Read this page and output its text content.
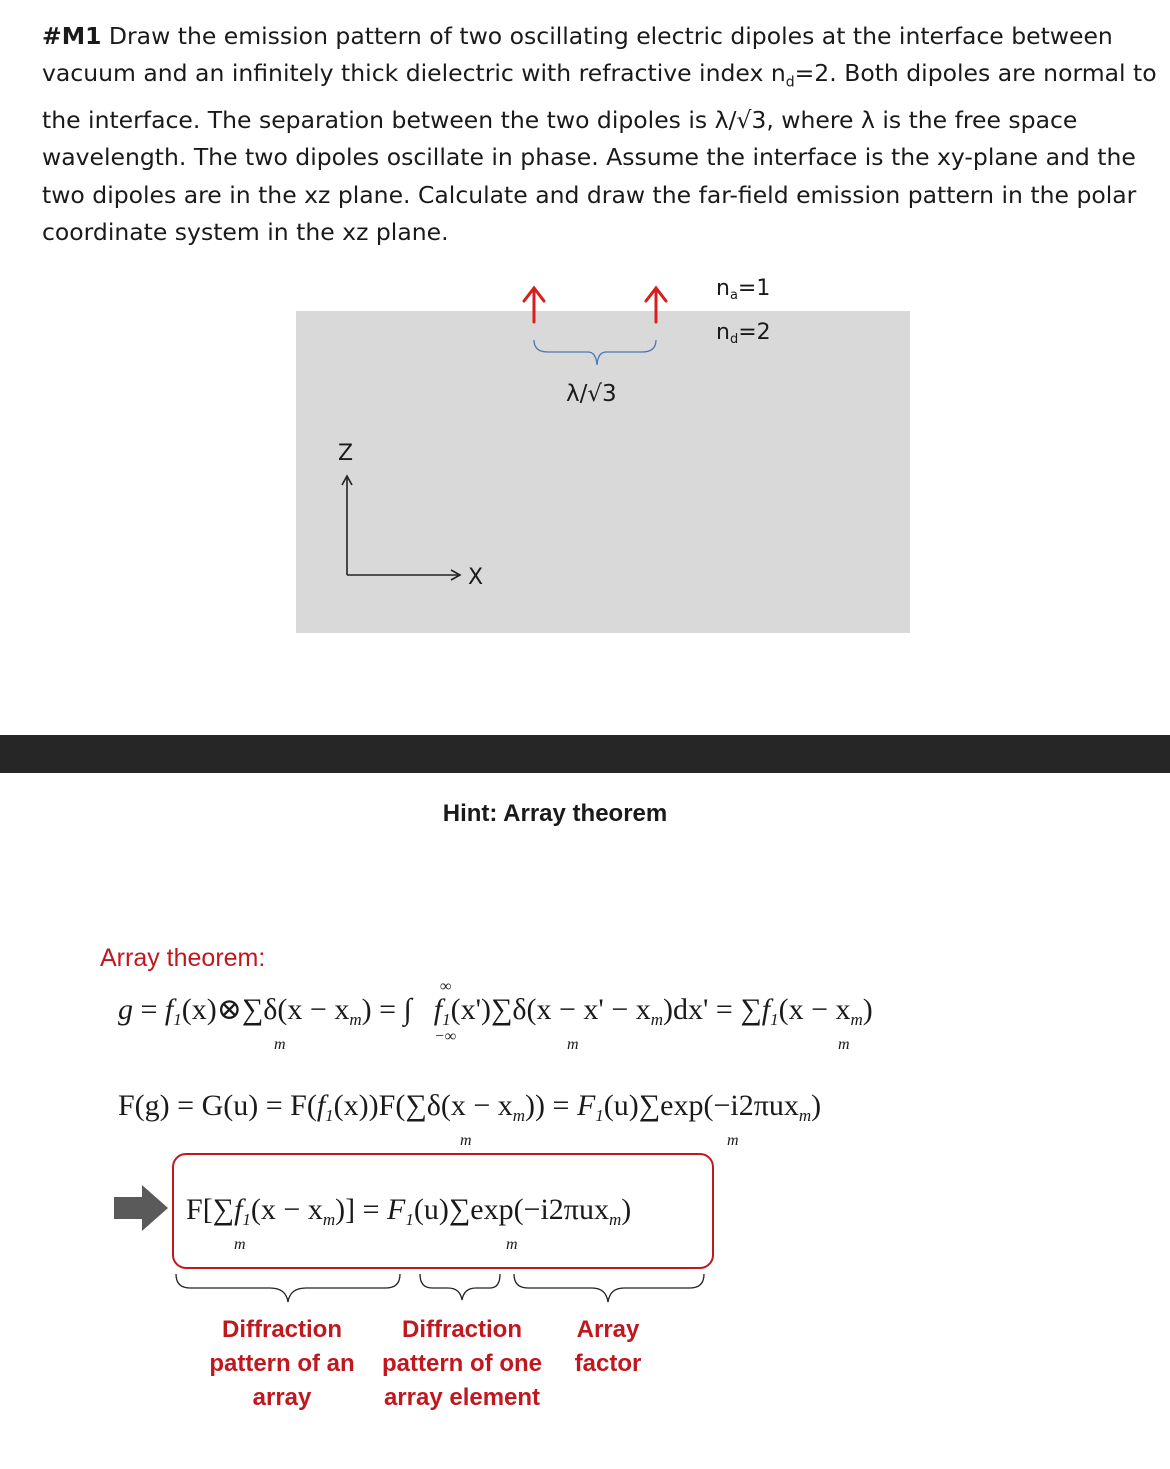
#M1 Draw the emission pattern of two oscillating electric dipoles at the interface between vacuum and an infinitely thick dielectric with refractive index $n_d=2$. Both dipoles are normal to the interface. The separation between the two dipoles is λ/√3, where λ is the free space wavelength. The two dipoles oscillate in phase. Assume the interface is the xy-plane and the two dipoles are in the xz plane. Calculate and draw the far-field emission pattern in the polar coordinate system in the xz plane.

$n_a=1$
$n_d=2$
λ/√3
Z
X
Hint: Array theorem
Array theorem:
$g = f_1(x)\otimes\sum\delta(x - x_m)$ = ∫ $f_1(x')\sum\delta(x - x' - x_m)dx' = \sum f_1(x - x_m)$
m
∞
−∞	m	m
$F(g) = G(u) = F(f_1(x))F(\sum\delta(x - x_m)) = F_1(u)\sum\exp(-i2\pi ux_m)$
m	m
$F[\sum f_1(x - x_m)] = F_1(u)\sum\exp(-i2\pi ux_m)$
m	m
Diffraction pattern of an array
Diffraction pattern of one array element
Array factor
